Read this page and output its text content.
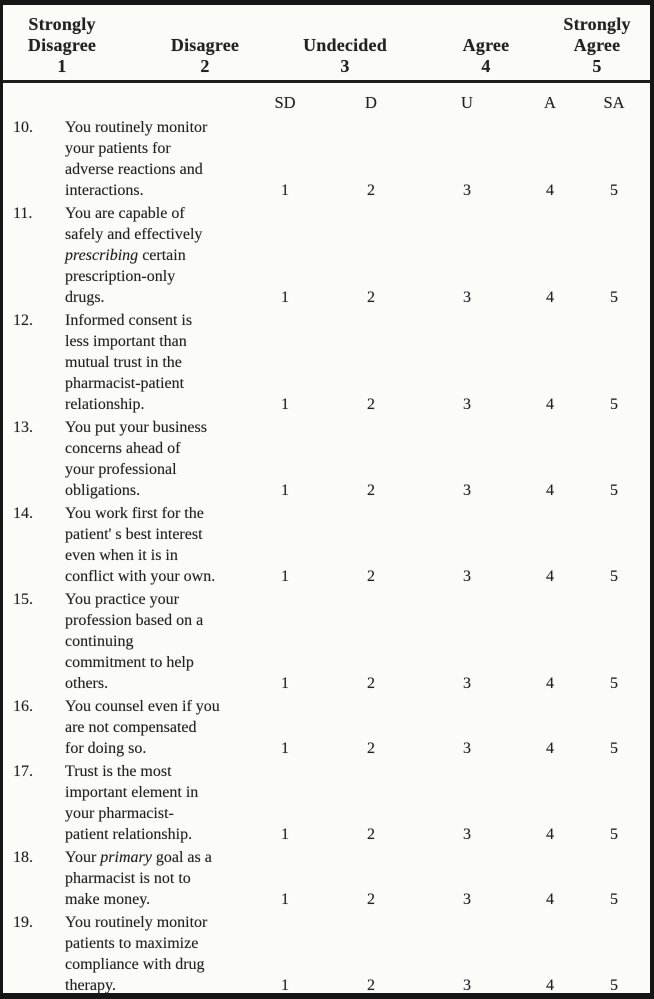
Strongly
Disagree
1
Disagree
2
Undecided
3
Agree
4
Strongly
Agree
5
SD	D	U	A	SA
10.	You routinely monitor
your patients for
adverse reactions and
interactions.	1	2	3	4	5
11.	You are capable of
safely and effectively
prescribing certain
prescription-only
drugs.	1	2	3	4	5
12.	Informed consent is
less important than
mutual trust in the
pharmacist-patient
relationship.	1	2	3	4	5
13.	You put your business
concerns ahead of
your professional
obligations.	1	2	3	4	5
14.	You work first for the
patient' s best interest
even when it is in
conflict with your own.	1	2	3	4	5
15.	You practice your
profession based on a
continuing
commitment to help
others.	1	2	3	4	5
16.	You counsel even if you
are not compensated
for doing so.	1	2	3	4	5
17.	Trust is the most
important element in
your pharmacist-
patient relationship.	1	2	3	4	5
18.	Your primary goal as a
pharmacist is not to
make money.	1	2	3	4	5
19.	You routinely monitor
patients to maximize
compliance with drug
therapy.	1	2	3	4	5
